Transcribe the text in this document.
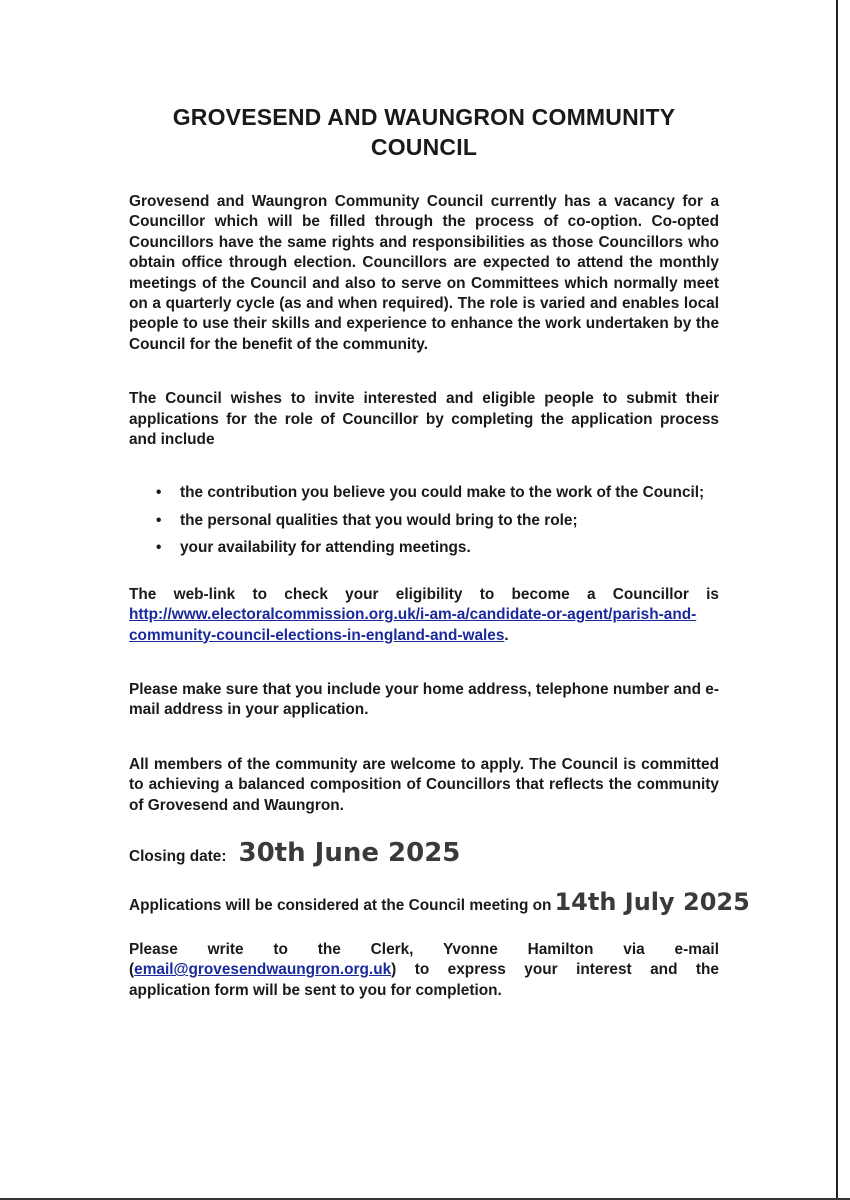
GROVESEND AND WAUNGRON COMMUNITY COUNCIL

Grovesend and Waungron Community Council currently has a vacancy for a Councillor which will be filled through the process of co-option. Co-opted Councillors have the same rights and responsibilities as those Councillors who obtain office through election. Councillors are expected to attend the monthly meetings of the Council and also to serve on Committees which normally meet on a quarterly cycle (as and when required). The role is varied and enables local people to use their skills and experience to enhance the work undertaken by the Council for the benefit of the community.

The Council wishes to invite interested and eligible people to submit their applications for the role of Councillor by completing the application process and include

• the contribution you believe you could make to the work of the Council;
• the personal qualities that you would bring to the role;
• your availability for attending meetings.

The web-link to check your eligibility to become a Councillor is http://www.electoralcommission.org.uk/i-am-a/candidate-or-agent/parish-and-community-council-elections-in-england-and-wales.

Please make sure that you include your home address, telephone number and e-mail address in your application.

All members of the community are welcome to apply. The Council is committed to achieving a balanced composition of Councillors that reflects the community of Grovesend and Waungron.

Closing date: 30th June 2025
Applications will be considered at the Council meeting on 14th July 2025

Please write to the Clerk, Yvonne Hamilton via e-mail (email@grovesendwaungron.org.uk) to express your interest and the application form will be sent to you for completion.
